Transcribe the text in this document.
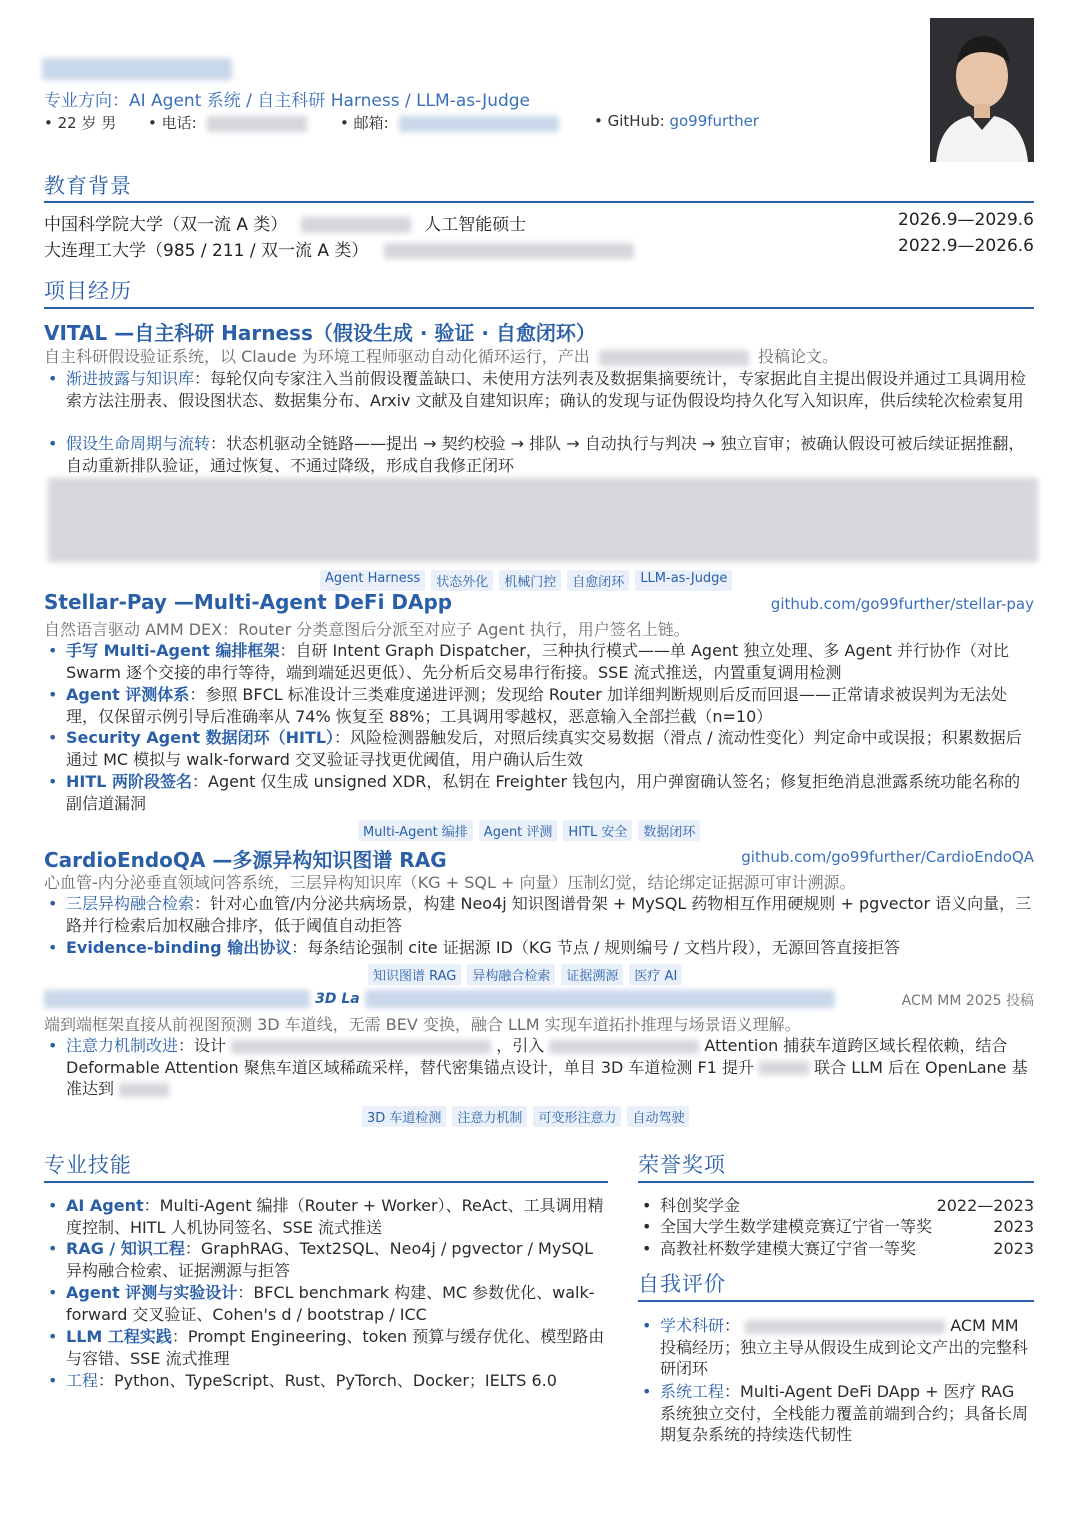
专业方向：AI Agent 系统 / 自主科研 Harness / LLM-as-Judge
• 22 岁 男 • 电话:	• 邮箱:	• GitHub: go99further
教育背景
中国科学院大学（双一流 A 类）	人工智能硕士	2026.9—2029.6
大连理工大学（985 / 211 / 双一流 A 类）	2022.9—2026.6
项目经历
VITAL —自主科研 Harness（假设生成 · 验证 · 自愈闭环）
自主科研假设验证系统，以 Claude 为环境工程师驱动自动化循环运行，产出	投稿论文。
• 渐进披露与知识库：每轮仅向专家注入当前假设覆盖缺口、未使用方法列表及数据集摘要统计，专家据此自主提出假设并通过工具调用检索方法注册表、假设图状态、数据集分布、Arxiv 文献及自建知识库；确认的发现与证伪假设均持久化写入知识库，供后续轮次检索复用
• 假设生命周期与流转：状态机驱动全链路——提出 → 契约校验 → 排队 → 自动执行与判决 → 独立盲审；被确认假设可被后续证据推翻，自动重新排队验证，通过恢复、不通过降级，形成自我修正闭环
Agent Harness	状态外化	机械门控	自愈闭环	LLM-as-Judge
Stellar-Pay —Multi-Agent DeFi DApp	github.com/go99further/stellar-pay
自然语言驱动 AMM DEX：Router 分类意图后分派至对应子 Agent 执行，用户签名上链。
• 手写 Multi-Agent 编排框架：自研 Intent Graph Dispatcher，三种执行模式——单 Agent 独立处理、多 Agent 并行协作（对比 Swarm 逐个交接的串行等待，端到端延迟更低）、先分析后交易串行衔接。SSE 流式推送，内置重复调用检测
• Agent 评测体系：参照 BFCL 标准设计三类难度递进评测；发现给 Router 加详细判断规则后反而回退——正常请求被误判为无法处理，仅保留示例引导后准确率从 74% 恢复至 88%；工具调用零越权，恶意输入全部拦截（n=10）
• Security Agent 数据闭环（HITL）：风险检测器触发后，对照后续真实交易数据（滑点 / 流动性变化）判定命中或误报；积累数据后通过 MC 模拟与 walk-forward 交叉验证寻找更优阈值，用户确认后生效
• HITL 两阶段签名：Agent 仅生成 unsigned XDR，私钥在 Freighter 钱包内，用户弹窗确认签名；修复拒绝消息泄露系统功能名称的副信道漏洞
Multi-Agent 编排	Agent 评测	HITL 安全	数据闭环
CardioEndoQA —多源异构知识图谱 RAG	github.com/go99further/CardioEndoQA
心血管-内分泌垂直领域问答系统，三层异构知识库（KG + SQL + 向量）压制幻觉，结论绑定证据源可审计溯源。
• 三层异构融合检索：针对心血管/内分泌共病场景，构建 Neo4j 知识图谱骨架 + MySQL 药物相互作用硬规则 + pgvector 语义向量，三路并行检索后加权融合排序，低于阈值自动拒答
• Evidence-binding 输出协议：每条结论强制 cite 证据源 ID（KG 节点 / 规则编号 / 文档片段），无源回答直接拒答
知识图谱 RAG	异构融合检索	证据溯源	医疗 AI
3D La	ACM MM 2025 投稿
端到端框架直接从前视图预测 3D 车道线，无需 BEV 变换，融合 LLM 实现车道拓扑推理与场景语义理解。
• 注意力机制改进：设计	，引入	Attention 捕获车道跨区域长程依赖，结合 Deformable Attention 聚焦车道区域稀疏采样，替代密集锚点设计，单目 3D 车道检测 F1 提升	联合 LLM 后在 OpenLane 基准达到
3D 车道检测	注意力机制	可变形注意力	自动驾驶
专业技能
• AI Agent：Multi-Agent 编排（Router + Worker）、ReAct、工具调用精度控制、HITL 人机协同签名、SSE 流式推送
• RAG / 知识工程：GraphRAG、Text2SQL、Neo4j / pgvector / MySQL 异构融合检索、证据溯源与拒答
• Agent 评测与实验设计：BFCL benchmark 构建、MC 参数优化、walk-forward 交叉验证、Cohen's d / bootstrap / ICC
• LLM 工程实践：Prompt Engineering、token 预算与缓存优化、模型路由与容错、SSE 流式推理
• 工程：Python、TypeScript、Rust、PyTorch、Docker；IELTS 6.0
荣誉奖项
• 科创奖学金	2022—2023
• 全国大学生数学建模竞赛辽宁省一等奖	2023
• 高教社杯数学建模大赛辽宁省一等奖	2023
自我评价
• 学术科研：	ACM MM 投稿经历；独立主导从假设生成到论文产出的完整科研闭环
• 系统工程：Multi-Agent DeFi DApp + 医疗 RAG 系统独立交付，全栈能力覆盖前端到合约；具备长周期复杂系统的持续迭代韧性
